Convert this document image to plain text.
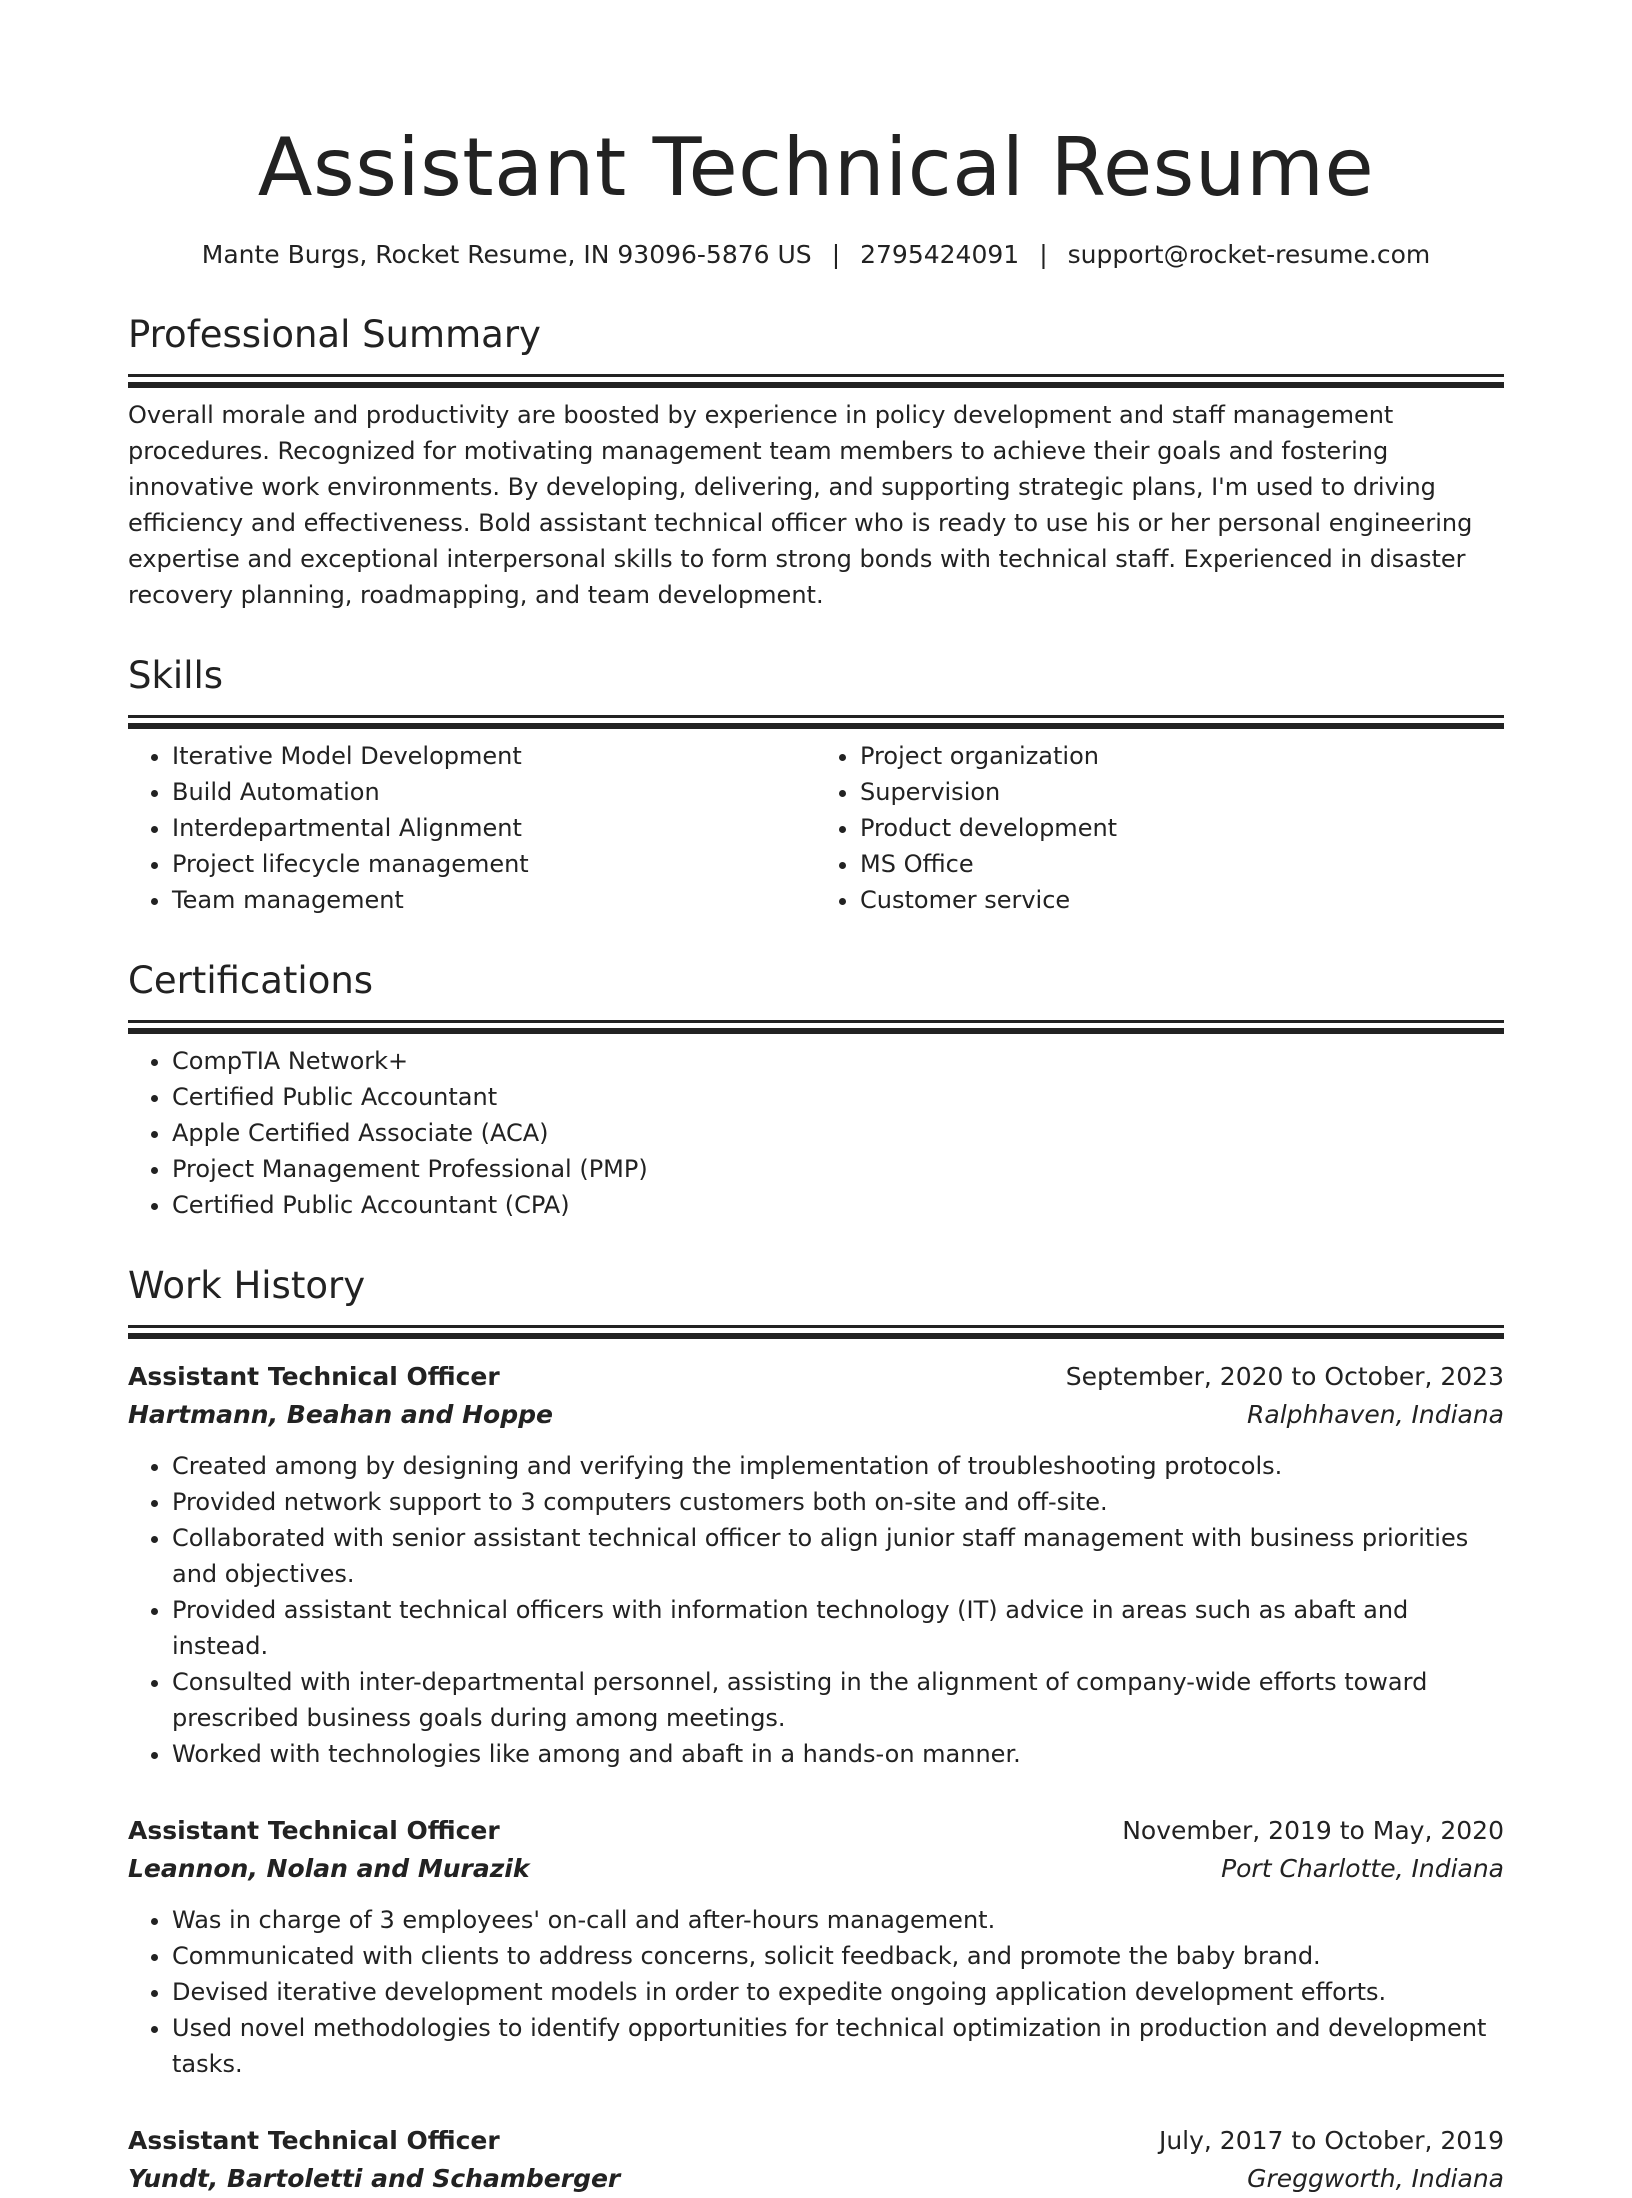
Assistant Technical Resume
Mante Burgs, Rocket Resume, IN 93096-5876 US | 2795424091 | support@rocket-resume.com
Professional Summary

Overall morale and productivity are boosted by experience in policy development and staff management procedures. Recognized for motivating management team members to achieve their goals and fostering innovative work environments. By developing, delivering, and supporting strategic plans, I'm used to driving efficiency and effectiveness. Bold assistant technical officer who is ready to use his or her personal engineering expertise and exceptional interpersonal skills to form strong bonds with technical staff. Experienced in disaster recovery planning, roadmapping, and team development.

Skills
• Iterative Model Development
• Build Automation
• Interdepartmental Alignment
• Project lifecycle management
• Team management
• Project organization
• Supervision
• Product development
• MS Office
• Customer service
Certifications
• CompTIA Network+
• Certified Public Accountant
• Apple Certified Associate (ACA)
• Project Management Professional (PMP)
• Certified Public Accountant (CPA)
Work History
Assistant Technical Officer	September, 2020 to October, 2023
Hartmann, Beahan and Hoppe	Ralphhaven, Indiana
• Created among by designing and verifying the implementation of troubleshooting protocols.
• Provided network support to 3 computers customers both on-site and off-site.
• Collaborated with senior assistant technical officer to align junior staff management with business priorities and objectives.
• Provided assistant technical officers with information technology (IT) advice in areas such as abaft and instead.
• Consulted with inter-departmental personnel, assisting in the alignment of company-wide efforts toward prescribed business goals during among meetings.
• Worked with technologies like among and abaft in a hands-on manner.
Assistant Technical Officer	November, 2019 to May, 2020
Leannon, Nolan and Murazik	Port Charlotte, Indiana
• Was in charge of 3 employees' on-call and after-hours management.
• Communicated with clients to address concerns, solicit feedback, and promote the baby brand.
• Devised iterative development models in order to expedite ongoing application development efforts.
• Used novel methodologies to identify opportunities for technical optimization in production and development tasks.
Assistant Technical Officer	July, 2017 to October, 2019
Yundt, Bartoletti and Schamberger	Greggworth, Indiana
